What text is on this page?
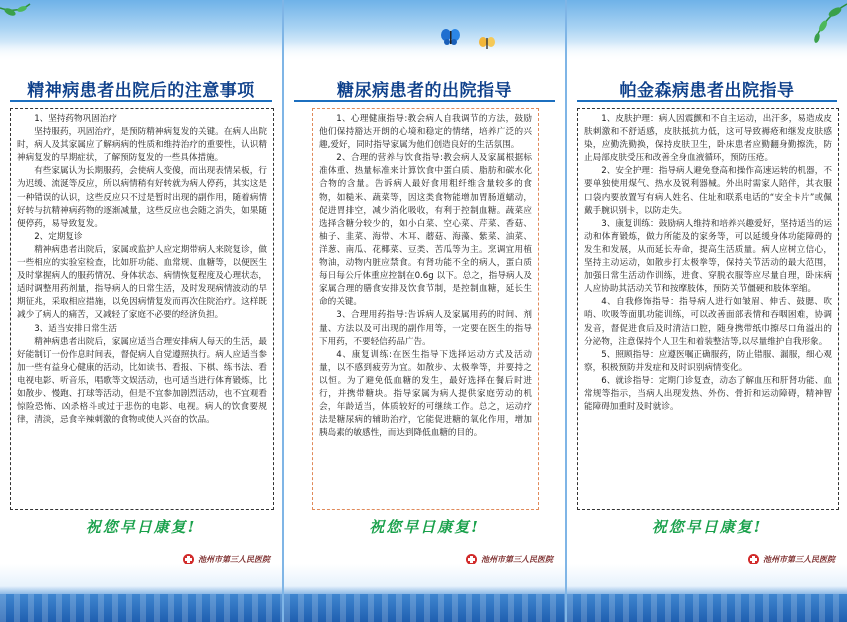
精神病患者出院后的注意事项

1、坚持药物巩固治疗

坚持服药，巩固治疗，是预防精神病复发的关键。在病人出院时，病人及其家属应了解病病的性质和维持治疗的重要性，认识精神病复发的早期症状，了解预防复发的一些具体措施。

有些家属认为长期服药，会使病人变傻，而出现表情呆板，行为迟缓、流涎等反应，所以病情稍有好转就为病人停药，其实这是一种错误的认识，这些反应只不过是暂时出现的副作用，随着病情好转与抗精神病药物的逐渐减量，这些反应也会随之消失，如果随便停药，易导致复发。

2、定期复诊

精神病患者出院后，家属或监护人应定期带病人来院复诊，做一些相应的实验室检查，比如肝功能、血常规、血糖等，以便医生及时掌握病人的服药情况、身体状态、病情恢复程度及心理状态，适时调整用药剂量，指导病人的日常生活，及时发现病情波动的早期征兆，采取相应措施，以免因病情复发而再次住院治疗。这样既减少了病人的痛苦，又减轻了家庭不必要的经济负担。

3、适当安排日常生活

精神病患者出院后，家属应适当合理安排病人每天的生活，最好能制订一份作息时间表，督促病人自觉遵照执行。病人应适当参加一些有益身心健康的活动，比如读书、看报、下棋、练书法、看电视电影、听音乐，唱歌等文娱活动，也可适当进行体育锻炼，比如散步、慢跑、打球等活动，但是不宜参加剧烈活动，也不宜观看惊险恐怖、凶杀格斗或过于悲伤的电影、电视。病人的饮食要规律，清淡，忌食辛辣刺激的食物或使人兴奋的饮品。

祝您早日康复!
池州市第三人民医院
糖尿病患者的出院指导

1、心理健康指导:教会病人自我调节的方法，鼓励他们保持豁达开朗的心境和稳定的情绪，培养广泛的兴趣,爱好，同时指导家属为他们创造良好的生活氛围。

2、合理的营养与饮食指导:教会病人及家属根据标准体重、热量标准来计算饮食中蛋白质、脂肪和碳水化合物的含量。告诉病人最好食用粗纤维含量较多的食物，如糙米、蔬菜等，因这类食物能增加胃肠道蠕动，促进胃排空，减少消化吸收，有利于控制血糖。蔬菜应选择含糖分较少的，如小白菜、空心菜、芹菜、香菇、柚子、韭菜、海带、木耳、蘑菇、海藻、紫菜、油菜、洋葱、南瓜、花椰菜、豆类、苦瓜等为主。烹调宜用植物油，动物内脏应禁食。有肾功能不全的病人，蛋白质每日每公斤体重应控制在0.6g 以下。总之，指导病人及家属合理的膳食安排及饮食节制，是控制血糖，延长生命的关键。

3、合理用药指导:告诉病人及家属用药的时间、剂量、方法以及可出现的副作用等，一定要在医生的指导下用药，不要轻信药品广告。

4、康复训练:在医生指导下选择运动方式及活动量，以不感到疲劳为宜。如散步、太极拳等，并要持之以恒。为了避免低血糖的发生，最好选择在餐后时进行，并携带糖块。指导家属为病人提供家庭劳动的机会，年龄适当，体质较好的可继续工作。总之，运动疗法是糖尿病的辅助治疗，它能促进糖的氧化作用，增加胰岛素的敏感性，而达到降低血糖的目的。

祝您早日康复!
池州市第三人民医院
帕金森病患者出院指导

1、皮肤护理：病人因震颤和不自主运动，出汗多，易造成皮肤刺激和不舒适感，皮肤抵抗力低，这可导致褥疮和继发皮肤感染，应勤洗勤换，保持皮肤卫生，卧床患者应勤翻身勤擦洗，防止局部皮肤受压和改善全身血液循环，预防压疮。

2、安全护理：指导病人避免登高和操作高速运转的机器，不要单独使用煤气、热水及锐利器械。外出时需家人陪伴，其衣服口袋内要放置写有病人姓名、住址和联系电话的“安全卡片”或佩戴手腕识别卡，以防走失。

3、康复训练：鼓励病人维持和培养兴趣爱好，坚持适当的运动和体育锻炼，做力所能及的家务等，可以延缓身体功能障碍的发生和发展，从而延长寿命，提高生活质量。病人应树立信心，坚持主动运动，如散步打太极拳等，保持关节活动的最大范围，加强日常生活动作训练，进食、穿脱衣服等应尽量自理，卧床病人应协助其活动关节和按摩肢体，预防关节僵硬和肢体挛缩。

4、自我修饰指导：指导病人进行如皱眉、伸舌、鼓腮、吹哨、吹吸等面肌功能训练，可以改善面部表情和吞咽困难，协调发音，督促进食后及时清洁口腔，随身携带纸巾擦尽口角溢出的分泌物，注意保持个人卫生和着装整洁等,以尽量维护自我形象。

5、照顾指导：应遵医嘱正确服药，防止错服、漏服，细心观察，积极预防并发症和及时识别病情变化。

6、就诊指导：定期门诊复查，动态了解血压和肝肾功能、血常规等指示，当病人出现发热、外伤、骨折和运动障碍，精神智能障碍加重时及时就诊。

祝您早日康复!
池州市第三人民医院
